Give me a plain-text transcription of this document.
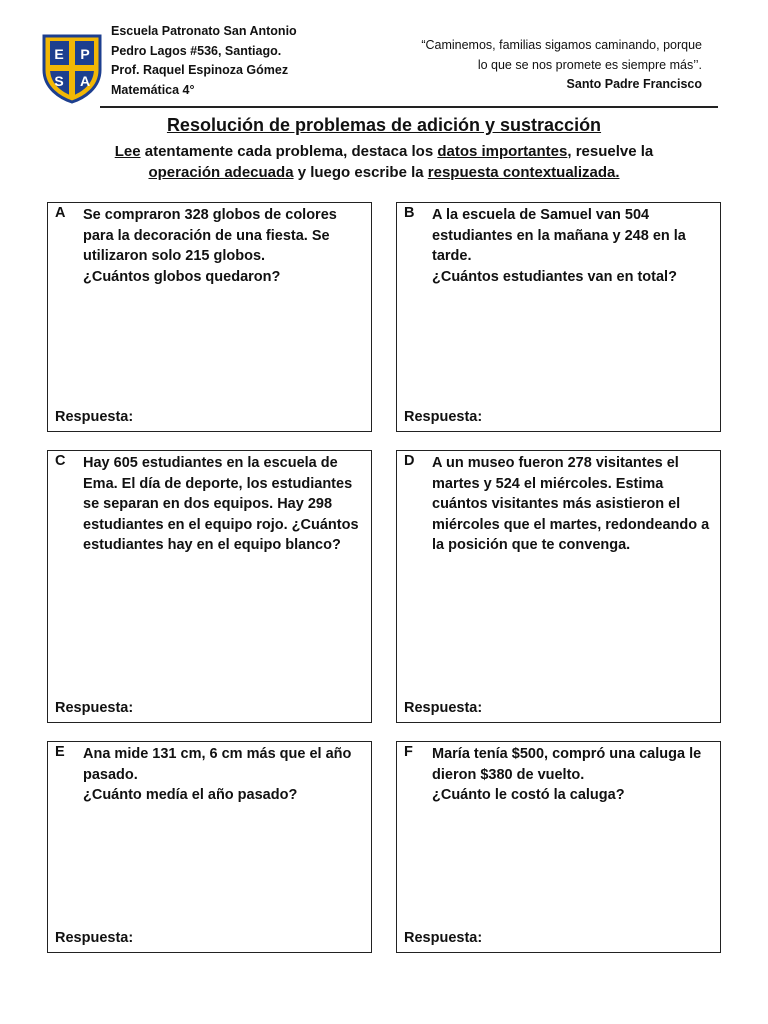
Escuela Patronato San Antonio
Pedro Lagos #536, Santiago.
Prof. Raquel Espinoza Gómez
Matemática 4°
E P
S A
“Caminemos, familias sigamos caminando, porque
lo que se nos promete es siempre más’’.
Santo Padre Francisco
Resolución de problemas de adición y sustracción
Lee atentamente cada problema, destaca los datos importantes, resuelve la
operación adecuada y luego escribe la respuesta contextualizada.
A Se compraron 328 globos de colores para la decoración de una fiesta. Se utilizaron solo 215 globos.

¿Cuántos globos quedaron?

Respuesta:
B A la escuela de Samuel van 504 estudiantes en la mañana y 248 en la tarde.

¿Cuántos estudiantes van en total?

Respuesta:
C Hay 605 estudiantes en la escuela de Ema. El día de deporte, los estudiantes se separan en dos equipos. Hay 298 estudiantes en el equipo rojo. ¿Cuántos estudiantes hay en el equipo blanco?

Respuesta:
D A un museo fueron 278 visitantes el martes y 524 el miércoles. Estima cuántos visitantes más asistieron el miércoles que el martes, redondeando a la posición que te convenga.

Respuesta:
E Ana mide 131 cm, 6 cm más que el año pasado.

¿Cuánto medía el año pasado?

Respuesta:
F María tenía $500, compró una caluga le dieron $380 de vuelto.

¿Cuánto le costó la caluga?

Respuesta:
